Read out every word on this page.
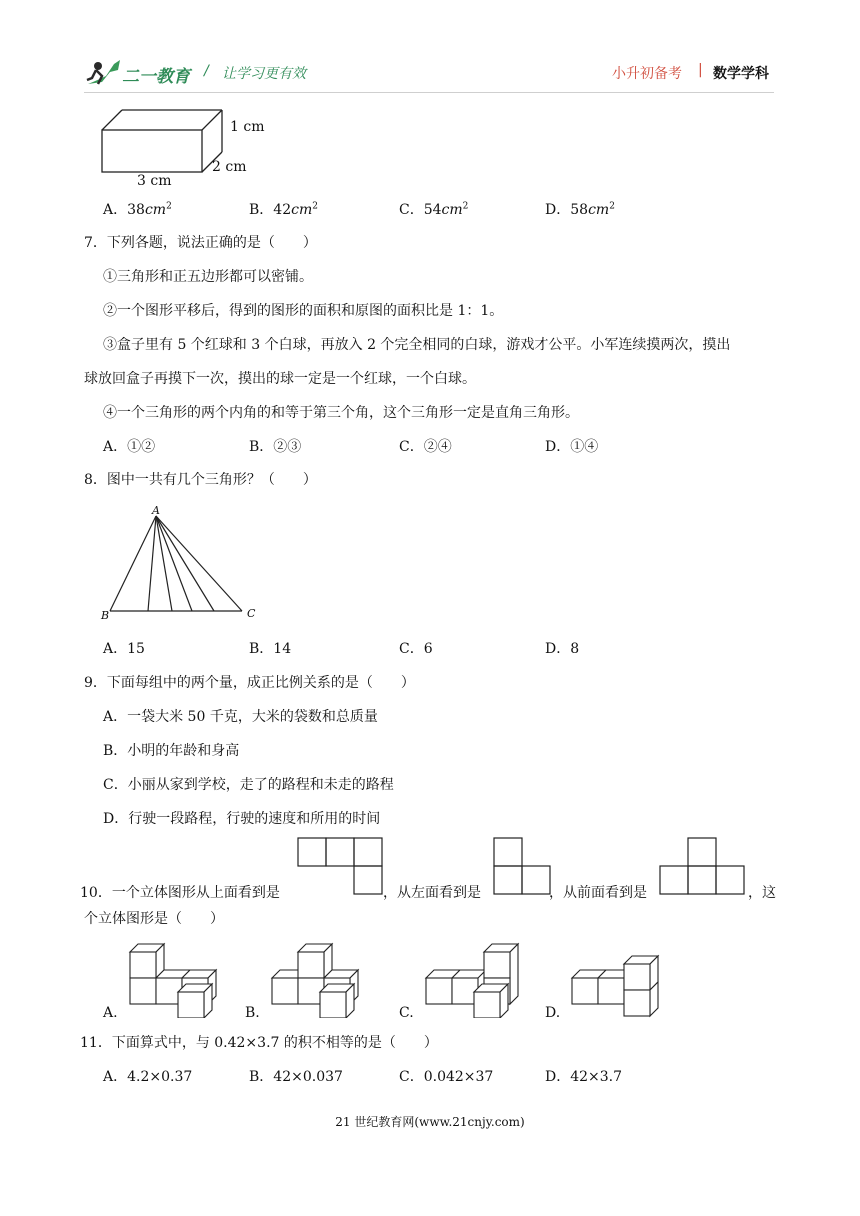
二一教育 / 让学习更有效	小升初备考 | 数学学科
1 cm
2 cm
3 cm
A．$38cm^2$	B．$42cm^2$	C．$54cm^2$	D．$58cm^2$
7．下列各题，说法正确的是（　　）
①三角形和正五边形都可以密铺。
②一个图形平移后，得到的图形的面积和原图的面积比是 1：1。
③盒子里有 5 个红球和 3 个白球，再放入 2 个完全相同的白球，游戏才公平。小军连续摸两次，摸出
球放回盒子再摸下一次，摸出的球一定是一个红球，一个白球。
④一个三角形的两个内角的和等于第三个角，这个三角形一定是直角三角形。
A．①②	B．②③	C．②④	D．①④
8．图中一共有几个三角形？（　　）
A
B	C
A．15	B．14	C．6	D．8
9．下面每组中的两个量，成正比例关系的是（　　）
A．一袋大米 50 千克，大米的袋数和总质量
B．小明的年龄和身高
C．小丽从家到学校，走了的路程和未走的路程
D．行驶一段路程，行驶的速度和所用的时间
10．一个立体图形从上面看到是	，从左面看到是	，从前面看到是	，这
个立体图形是（　　）
A.	B.	C.	D.
11．下面算式中，与 0.42×3.7 的积不相等的是（　　）
A．4.2×0.37	B．42×0.037	C．0.042×37	D．42×3.7
21 世纪教育网(www.21cnjy.com)
